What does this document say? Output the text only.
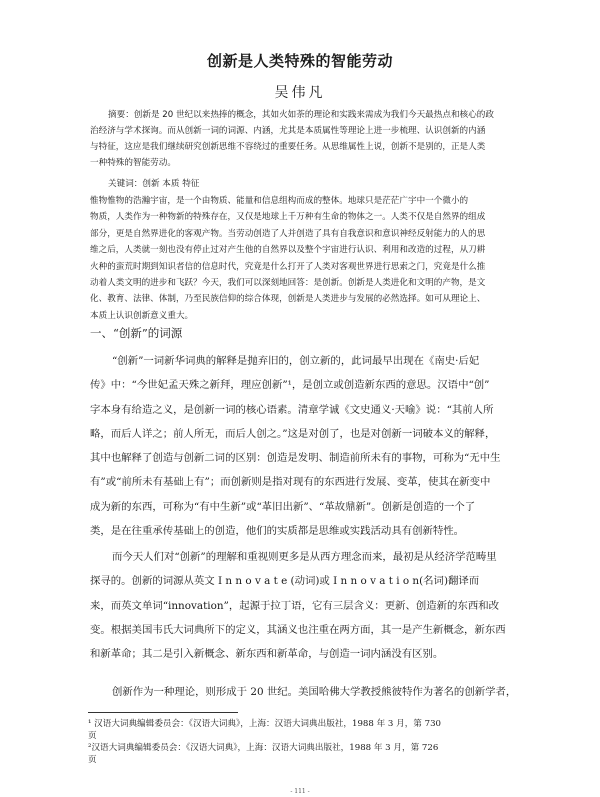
创新是人类特殊的智能劳动
吴伟凡
摘要：创新是 20 世纪以来热捧的概念，其如火如荼的理论和实践来需成为我们今天最热点和核心的政
治经济与学术探询。而从创新一词的词源、内涵，尤其是本质属性等理论上进一步梳理、认识创新的内涵
与特征，这应是我们继续研究创新思维不容绕过的重要任务。从思维属性上说，创新不是别的，正是人类
一种特殊的智能劳动。
关键词：创新 本质 特征
惟物惟物的浩瀚宇宙，是一个由物质、能量和信息组构而成的整体。地球只是茫茫广宇中一个微小的
物质，人类作为一种物新的特殊存在，又仅是地球上千万种有生命的物体之一。人类不仅是自然界的组成
部分，更是自然界进化的客观产物。当劳动创造了人并创造了具有自我意识和意识神经反射能力的人的思
维之后，人类就一刻也没有停止过对产生他的自然界以及整个宇宙进行认识、利用和改造的过程，从刀耕
火种的蛮荒时期到知识者信的信息时代，究竟是什么打开了人类对客观世界进行思索之门，究竟是什么推
动着人类文明的进步和飞跃？今天，我们可以深刻地回答：是创新。创新是人类进化和文明的产物，是文
化、教育、法律、体制，乃至民族信仰的综合体现，创新是人类进步与发展的必然选择。如可从理论上、
本质上认识创新意义重大。
一、“创新”的词源
“创新”一词新华词典的解释是抛弃旧的，创立新的，此词最早出现在《南史·后妃
传》中：“今世妃孟天殊之新拜，理应创新”¹，是创立或创造新东西的意思。汉语中“创”
字本身有给造之义，是创新一词的核心语素。清章学诚《文史通义·天喻》说：“其前人所
略，而后人详之；前人所无，而后人创之。”这是对创了，也是对创新一词破本义的解释，
其中也解释了创造与创新二词的区别：创造是发明、制造前所未有的事物，可称为“无中生
有”或“前所未有基础上有”；而创新则是指对现有的东西进行发展、变革，使其在新变中
成为新的东西，可称为“有中生新”或“革旧出新”、“革故鼎新”。创新是创造的一个了
类，是在往重承传基础上的创造，他们的实质都是思维或实践活动具有创新特性。
而今天人们对“创新”的理解和重视则更多是从西方理念而来，最初是从经济学范畴里
探寻的。创新的词源从英文 I n n o v a t e (动词)或 I n n o v a t i o n(名词)翻译而
来，而英文单词“innovation”，起源于拉丁语，它有三层含义：更新、创造新的东西和改
变。根据美国韦氏大词典所下的定义，其涵义也注重在两方面，其一是产生新概念，新东西
和新革命；其二是引入新概念、新东西和新革命，与创造一词内涵没有区别。
创新作为一种理论，则形成于 20 世纪。美国哈佛大学教授熊彼特作为著名的创新学者，
¹ 汉语大词典编辑委员会：《汉语大词典》，上海：汉语大词典出版社，1988 年 3 月，第 730
页
²汉语大词典编辑委员会：《汉语大词典》，上海：汉语大词典出版社，1988 年 3 月，第 726
页
- 111 -
